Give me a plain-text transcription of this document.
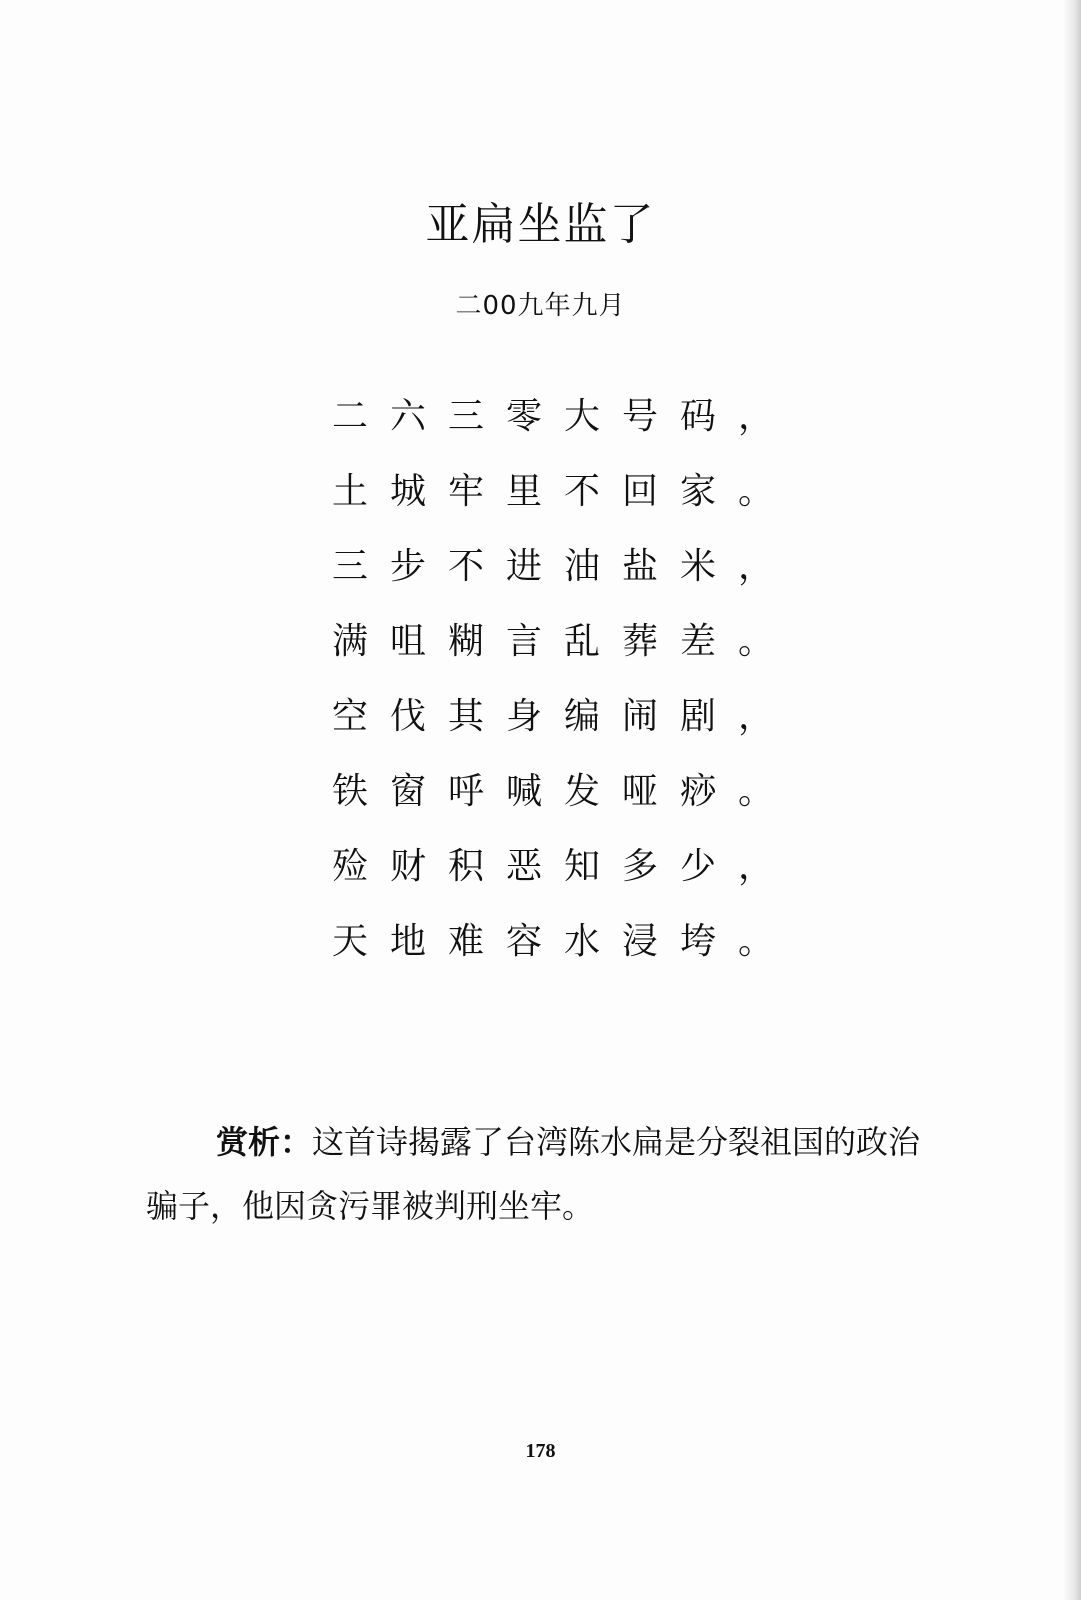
亚扁坐监了
二00九年九月
二六三零大号码，
土城牢里不回家。
三步不进油盐米，
满咀糊言乱葬差。
空伐其身编闹剧，
铁窗呼喊发哑痧。
殓财积恶知多少，
天地难容水浸垮。
赏析：这首诗揭露了台湾陈水扁是分裂祖国的政治骗子，他因贪污罪被判刑坐牢。
178
